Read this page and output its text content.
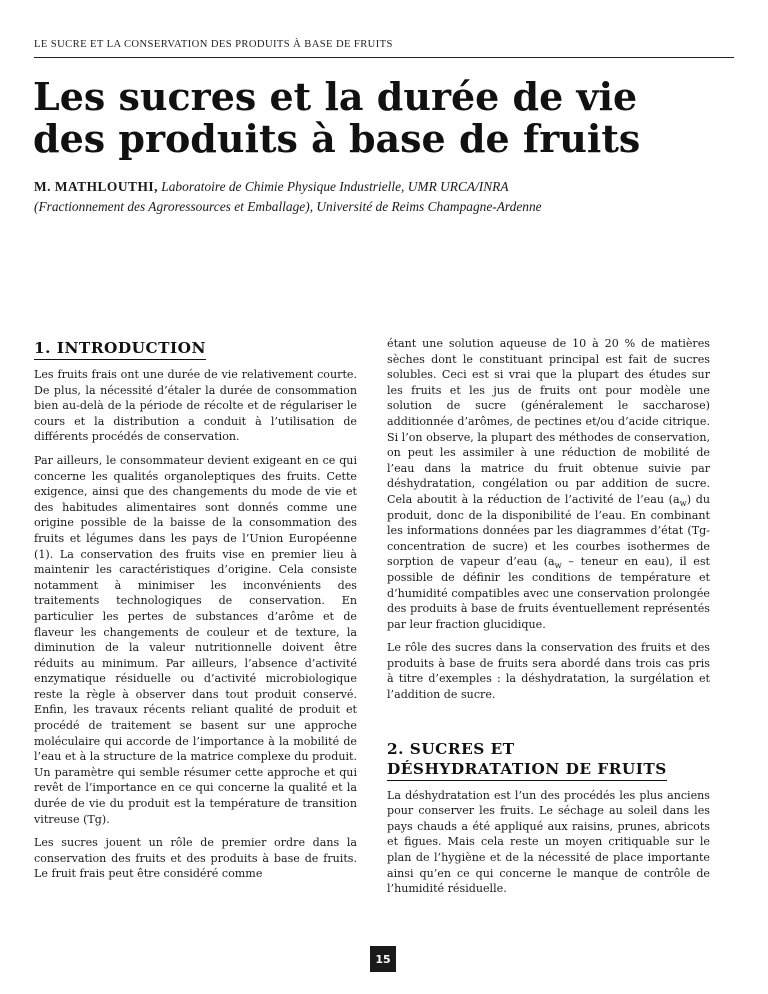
LE SUCRE ET LA CONSERVATION DES PRODUITS À BASE DE FRUITS
Les sucres et la durée de vie
des produits à base de fruits
M. MATHLOUTHI, Laboratoire de Chimie Physique Industrielle, UMR URCA/INRA
(Fractionnement des Agroressources et Emballage), Université de Reims Champagne-Ardenne
1. INTRODUCTION

Les fruits frais ont une durée de vie relativement courte. De plus, la nécessité d’étaler la durée de consommation bien au-delà de la période de récolte et de régulariser le cours et la distribution a conduit à l’utilisation de différents procédés de conservation.

Par ailleurs, le consommateur devient exigeant en ce qui concerne les qualités organoleptiques des fruits. Cette exigence, ainsi que des changements du mode de vie et des habitudes alimentaires sont donnés comme une origine possible de la baisse de la consommation des fruits et légumes dans les pays de l’Union Européenne (1). La conservation des fruits vise en premier lieu à maintenir les caractéristiques d’origine. Cela consiste notamment à minimiser les inconvénients des traitements technologiques de conservation. En particulier les pertes de substances d’arôme et de flaveur les changements de couleur et de texture, la diminution de la valeur nutritionnelle doivent être réduits au minimum. Par ailleurs, l’absence d’activité enzymatique résiduelle ou d’activité microbiologique reste la règle à observer dans tout produit conservé. Enfin, les travaux récents reliant qualité de produit et procédé de traitement se basent sur une approche moléculaire qui accorde de l’importance à la mobilité de l’eau et à la structure de la matrice complexe du produit. Un paramètre qui semble résumer cette approche et qui revêt de l’importance en ce qui concerne la qualité et la durée de vie du produit est la température de transition vitreuse (Tg).

Les sucres jouent un rôle de premier ordre dans la conservation des fruits et des produits à base de fruits. Le fruit frais peut être considéré comme

étant une solution aqueuse de 10 à 20 % de matières sèches dont le constituant principal est fait de sucres solubles. Ceci est si vrai que la plupart des études sur les fruits et les jus de fruits ont pour modèle une solution de sucre (généralement le saccharose) additionnée d’arômes, de pectines et/ou d’acide citrique. Si l’on observe, la plupart des méthodes de conservation, on peut les assimiler à une réduction de mobilité de l’eau dans la matrice du fruit obtenue suivie par déshydratation, congélation ou par addition de sucre. Cela aboutit à la réduction de l’activité de l’eau $(a_w)$ du produit, donc de la disponibilité de l’eau. En combinant les informations données par les diagrammes d’état (Tg-concentration de sucre) et les courbes isothermes de sorption de vapeur d’eau ($a_w$ – teneur en eau), il est possible de définir les conditions de température et d’humidité compatibles avec une conservation prolongée des produits à base de fruits éventuellement représentés par leur fraction glucidique.

Le rôle des sucres dans la conservation des fruits et des produits à base de fruits sera abordé dans trois cas pris à titre d’exemples : la déshydratation, la surgélation et l’addition de sucre.

2. SUCRES ET
DÉSHYDRATATION DE FRUITS

La déshydratation est l’un des procédés les plus anciens pour conserver les fruits. Le séchage au soleil dans les pays chauds a été appliqué aux raisins, prunes, abricots et figues. Mais cela reste un moyen critiquable sur le plan de l’hygiène et de la nécessité de place importante ainsi qu’en ce qui concerne le manque de contrôle de l’humidité résiduelle.

15
